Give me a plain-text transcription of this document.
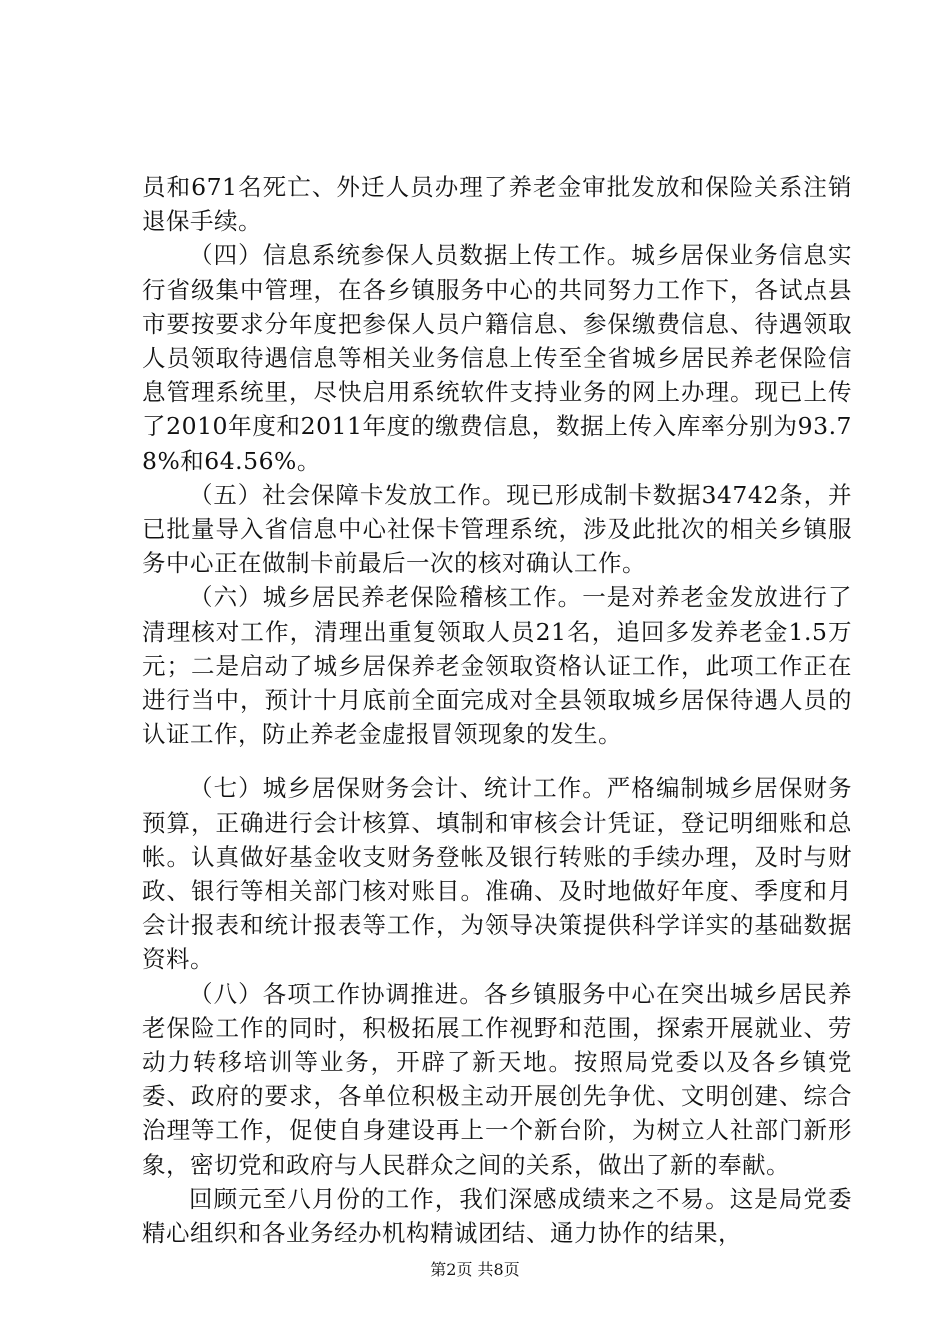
员和671名死亡、外迁人员办理了养老金审批发放和保险关系注销退保手续。

（四）信息系统参保人员数据上传工作。城乡居保业务信息实行省级集中管理，在各乡镇服务中心的共同努力工作下，各试点县市要按要求分年度把参保人员户籍信息、参保缴费信息、待遇领取人员领取待遇信息等相关业务信息上传至全省城乡居民养老保险信息管理系统里，尽快启用系统软件支持业务的网上办理。现已上传了2010年度和2011年度的缴费信息，数据上传入库率分别为93.78%和64.56%。

（五）社会保障卡发放工作。现已形成制卡数据34742条，并已批量导入省信息中心社保卡管理系统，涉及此批次的相关乡镇服务中心正在做制卡前最后一次的核对确认工作。

（六）城乡居民养老保险稽核工作。一是对养老金发放进行了清理核对工作，清理出重复领取人员21名，追回多发养老金1.5万元；二是启动了城乡居保养老金领取资格认证工作，此项工作正在进行当中，预计十月底前全面完成对全县领取城乡居保待遇人员的认证工作，防止养老金虚报冒领现象的发生。

（七）城乡居保财务会计、统计工作。严格编制城乡居保财务预算，正确进行会计核算、填制和审核会计凭证，登记明细账和总帐。认真做好基金收支财务登帐及银行转账的手续办理，及时与财政、银行等相关部门核对账目。准确、及时地做好年度、季度和月会计报表和统计报表等工作，为领导决策提供科学详实的基础数据资料。

（八）各项工作协调推进。各乡镇服务中心在突出城乡居民养老保险工作的同时，积极拓展工作视野和范围，探索开展就业、劳动力转移培训等业务，开辟了新天地。按照局党委以及各乡镇党委、政府的要求，各单位积极主动开展创先争优、文明创建、综合治理等工作，促使自身建设再上一个新台阶，为树立人社部门新形象，密切党和政府与人民群众之间的关系，做出了新的奉献。

回顾元至八月份的工作，我们深感成绩来之不易。这是局党委精心组织和各业务经办机构精诚团结、通力协作的结果，

第2页 共8页
